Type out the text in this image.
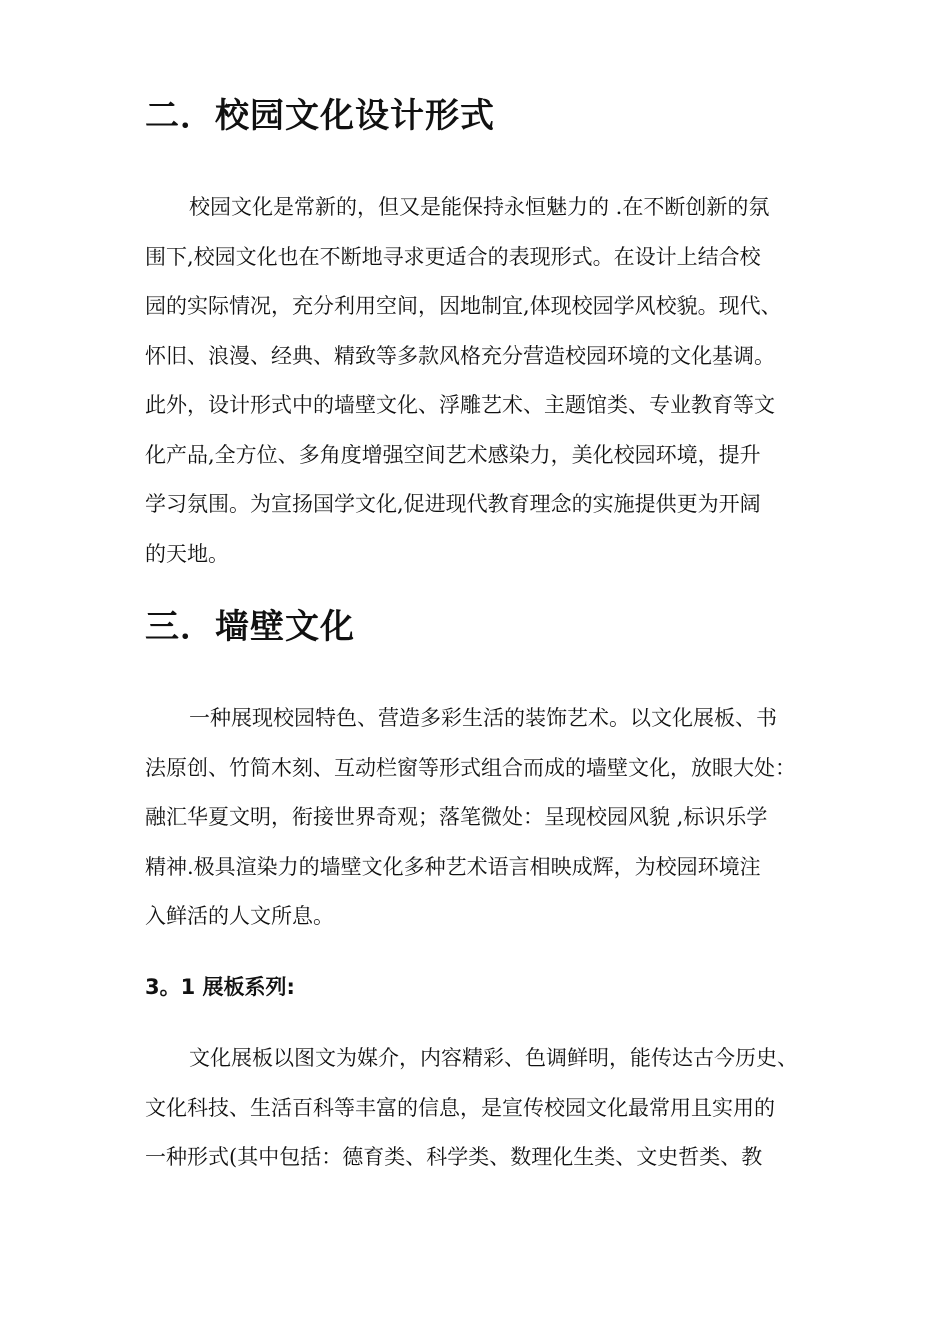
二．校园文化设计形式
校园文化是常新的，但又是能保持永恒魅力的 .在不断创新的氛
围下,校园文化也在不断地寻求更适合的表现形式。在设计上结合校
园的实际情况，充分利用空间，因地制宜,体现校园学风校貌。现代、
怀旧、浪漫、经典、精致等多款风格充分营造校园环境的文化基调。
此外，设计形式中的墙壁文化、浮雕艺术、主题馆类、专业教育等文
化产品,全方位、多角度增强空间艺术感染力，美化校园环境，提升
学习氛围。为宣扬国学文化,促进现代教育理念的实施提供更为开阔
的天地。
三．墙壁文化
一种展现校园特色、营造多彩生活的装饰艺术。以文化展板、书
法原创、竹简木刻、互动栏窗等形式组合而成的墙壁文化，放眼大处：
融汇华夏文明，衔接世界奇观；落笔微处：呈现校园风貌 ,标识乐学
精神.极具渲染力的墙壁文化多种艺术语言相映成辉，为校园环境注
入鲜活的人文所息。
3。1 展板系列:
文化展板以图文为媒介，内容精彩、色调鲜明，能传达古今历史、
文化科技、生活百科等丰富的信息，是宣传校园文化最常用且实用的
一种形式(其中包括：德育类、科学类、数理化生类、文史哲类、教
